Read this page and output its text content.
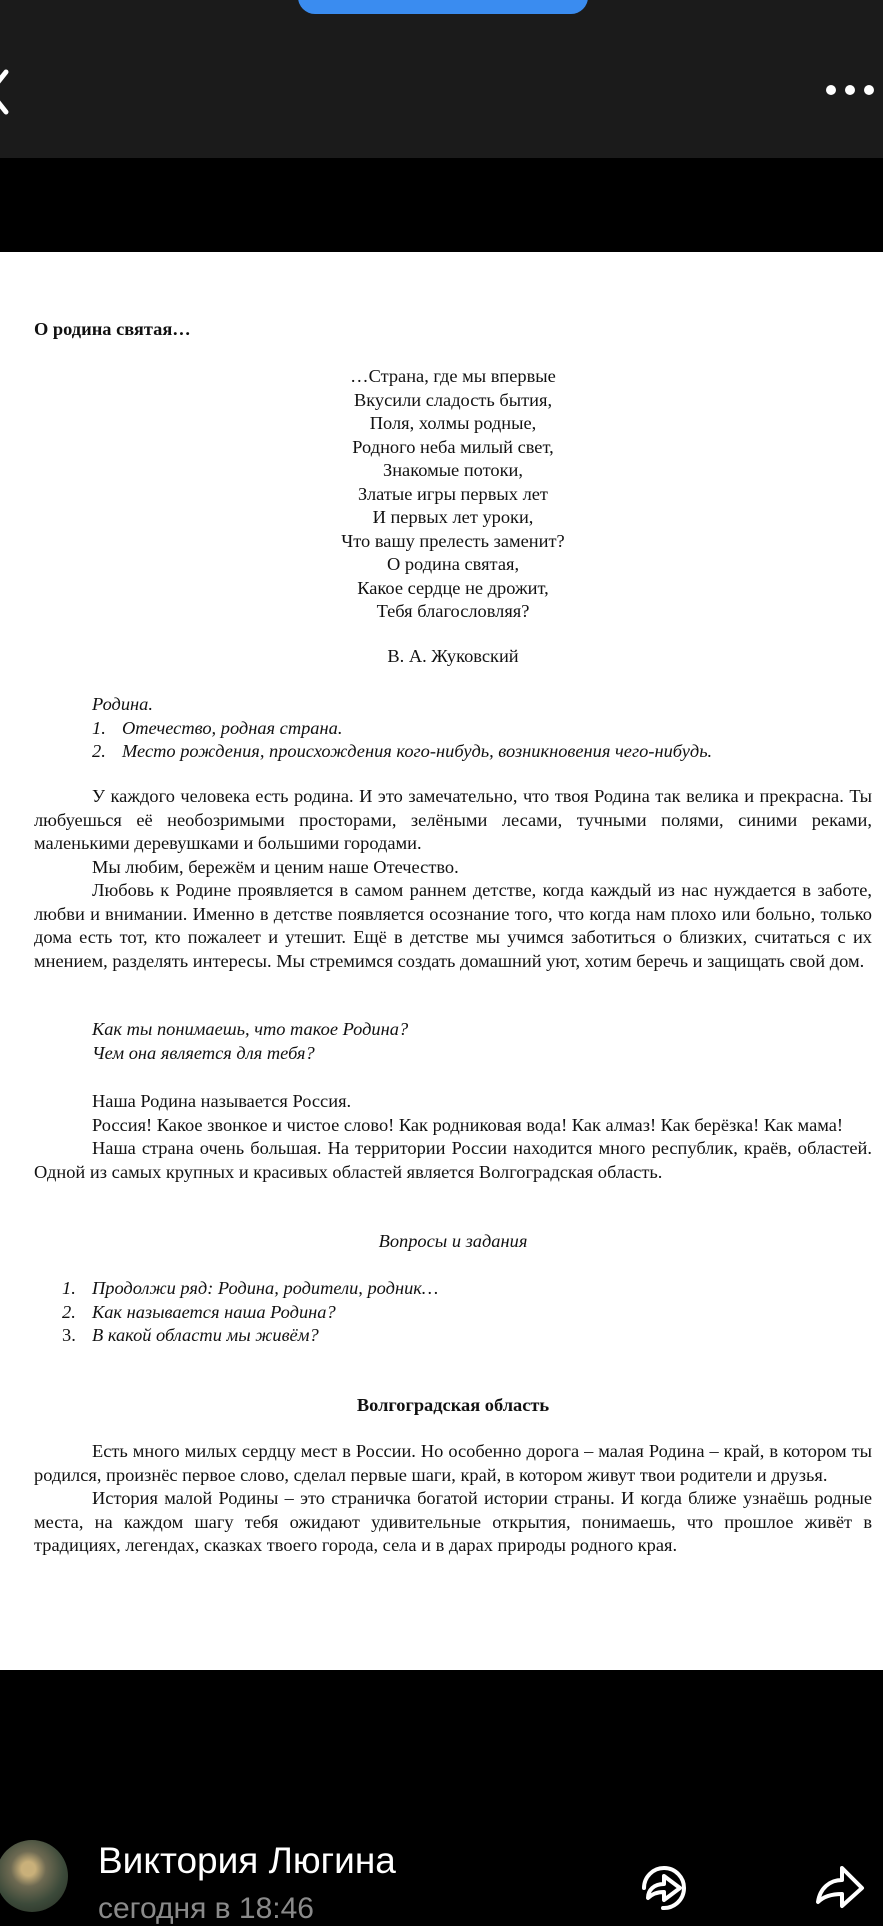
О родина святая…
…Страна, где мы впервые
Вкусили сладость бытия,
Поля, холмы родные,
Родного неба милый свет,
Знакомые потоки,
Златые игры первых лет
И первых лет уроки,
Что вашу прелесть заменит?
О родина святая,
Какое сердце не дрожит,
Тебя благословляя?
В. А. Жуковский
Родина.
1. Отечество, родная страна.
2. Место рождения, происхождения кого-нибудь, возникновения чего-нибудь.

У каждого человека есть родина. И это замечательно, что твоя Родина так велика и прекрасна. Ты любуешься её необозримыми просторами, зелёными лесами, тучными полями, синими реками, маленькими деревушками и большими городами.

Мы любим, бережём и ценим наше Отечество.

Любовь к Родине проявляется в самом раннем детстве, когда каждый из нас нуждается в заботе, любви и внимании. Именно в детстве появляется осознание того, что когда нам плохо или больно, только дома есть тот, кто пожалеет и утешит. Ещё в детстве мы учимся заботиться о близких, считаться с их мнением, разделять интересы. Мы стремимся создать домашний уют, хотим беречь и защищать свой дом.

Как ты понимаешь, что такое Родина?
Чем она является для тебя?

Наша Родина называется Россия.

Россия! Какое звонкое и чистое слово! Как родниковая вода! Как алмаз! Как берёзка! Как мама!

Наша страна очень большая. На территории России находится много республик, краёв, областей. Одной из самых крупных и красивых областей является Волгоградская область.

Вопросы и задания
1. Продолжи ряд: Родина, родители, родник…
2. Как называется наша Родина?
3. В какой области мы живём?
Волгоградская область

Есть много милых сердцу мест в России. Но особенно дорога – малая Родина – край, в котором ты родился, произнёс первое слово, сделал первые шаги, край, в котором живут твои родители и друзья.

История малой Родины – это страничка богатой истории страны. И когда ближе узнаёшь родные места, на каждом шагу тебя ожидают удивительные открытия, понимаешь, что прошлое живёт в традициях, легендах, сказках твоего города, села и в дарах природы родного края.

Виктория Люгина
сегодня в 18:46
